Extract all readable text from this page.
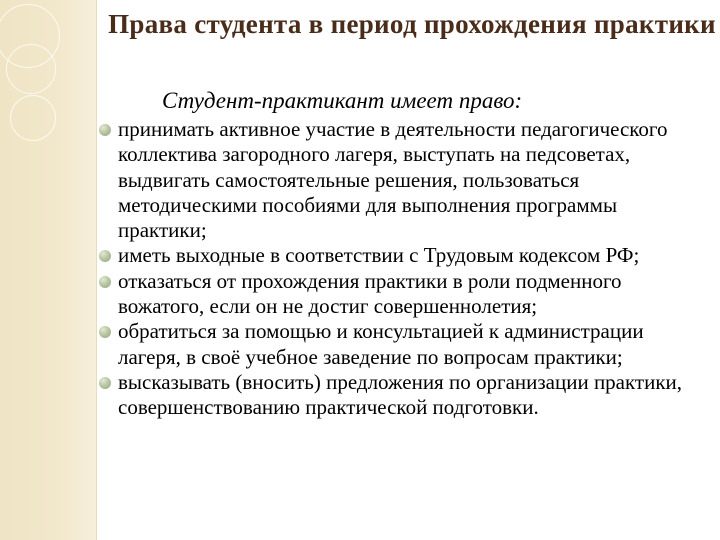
Права студента в период прохождения практики

Студент-практикант имеет право:

принимать активное участие в деятельности педагогического коллектива загородного лагеря, выступать на педсоветах, выдвигать самостоятельные решения, пользоваться методическими пособиями для выполнения программы практики;
иметь выходные в соответствии с Трудовым кодексом РФ;
отказаться от прохождения практики в роли подменного вожатого, если он не достиг совершеннолетия;
обратиться за помощью и консультацией к администрации лагеря, в своё учебное заведение по вопросам практики;
высказывать (вносить) предложения по организации практики, совершенствованию практической подготовки.
